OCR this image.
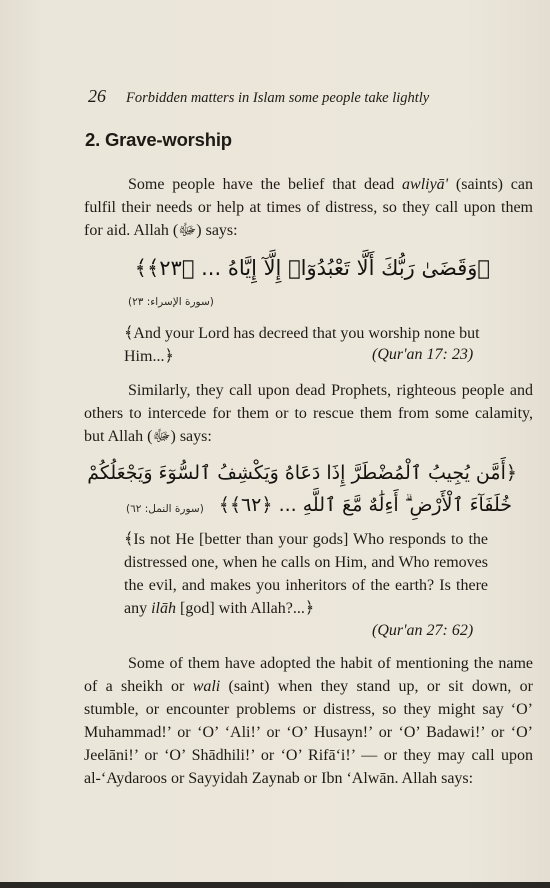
26 Forbidden matters in Islam some people take lightly
2. Grave-worship
Some people have the belief that dead awliyā' (saints) can fulfil their needs or help at times of distress, so they call upon them for aid. Allah (ﷻ) says:
﴿وَقَضَىٰ رَبُّكَ أَلَّا تَعْبُدُوٓا۟ إِلَّآ إِيَّاهُ ... ﴿٢٣﴾﴾
(سورة الإسراء: ٢٣)
﴾And your Lord has decreed that you worship none but Him...﴿	(Qur'an 17: 23)
Similarly, they call upon dead Prophets, righteous people and others to intercede for them or to rescue them from some calamity, but Allah (ﷻ) says:
﴿أَمَّن يُجِيبُ ٱلْمُضْطَرَّ إِذَا دَعَاهُ وَيَكْشِفُ ٱلسُّوٓءَ وَيَجْعَلُكُمْ
خُلَفَآءَ ٱلْأَرْضِ ۗ أَءِلَٰهٌ مَّعَ ٱللَّهِ ... ﴿٦٢﴾﴾
(سورة النمل: ٦٢)
﴾Is not He [better than your gods] Who responds to the distressed one, when he calls on Him, and Who removes the evil, and makes you inheritors of the earth? Is there any ilāh [god] with Allah?...﴿
(Qur'an 27: 62)
Some of them have adopted the habit of mentioning the name of a sheikh or wali (saint) when they stand up, or sit down, or stumble, or encounter problems or distress, so they might say ‘O’ Muhammad!’ or ‘O’ ‘Ali!’ or ‘O’ Husayn!’ or ‘O’ Badawi!’ or ‘O’ Jeelāni!’ or ‘O’ Shādhili!’ or ‘O’ Rifā‘i!’ — or they may call upon al-‘Aydaroos or Sayyidah Zaynab or Ibn ‘Alwān. Allah says:
